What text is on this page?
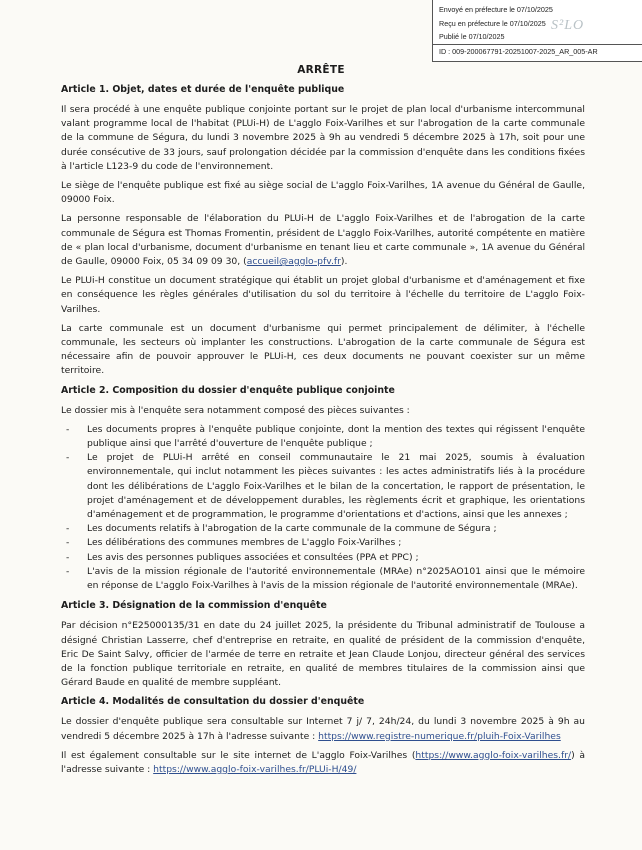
Envoyé en préfecture le 07/10/2025
Reçu en préfecture le 07/10/2025
Publié le 07/10/2025
ID : 009-200067791-20251007-2025_AR_005-AR
S²LO
ARRÊTE
Article 1. Objet, dates et durée de l'enquête publique

Il sera procédé à une enquête publique conjointe portant sur le projet de plan local d'urbanisme intercommunal valant programme local de l'habitat (PLUi-H) de L'agglo Foix-Varilhes et sur l'abrogation de la carte communale de la commune de Ségura, du lundi 3 novembre 2025 à 9h au vendredi 5 décembre 2025 à 17h, soit pour une durée consécutive de 33 jours, sauf prolongation décidée par la commission d'enquête dans les conditions fixées à l'article L123-9 du code de l'environnement.

Le siège de l'enquête publique est fixé au siège social de L'agglo Foix-Varilhes, 1A avenue du Général de Gaulle, 09000 Foix.

La personne responsable de l'élaboration du PLUi-H de L'agglo Foix-Varilhes et de l'abrogation de la carte communale de Ségura est Thomas Fromentin, président de L'agglo Foix-Varilhes, autorité compétente en matière de « plan local d'urbanisme, document d'urbanisme en tenant lieu et carte communale », 1A avenue du Général de Gaulle, 09000 Foix, 05 34 09 09 30, (accueil@agglo-pfv.fr).

Le PLUi-H constitue un document stratégique qui établit un projet global d'urbanisme et d'aménagement et fixe en conséquence les règles générales d'utilisation du sol du territoire à l'échelle du territoire de L'agglo Foix-Varilhes.

La carte communale est un document d'urbanisme qui permet principalement de délimiter, à l'échelle communale, les secteurs où implanter les constructions. L'abrogation de la carte communale de Ségura est nécessaire afin de pouvoir approuver le PLUi-H, ces deux documents ne pouvant coexister sur un même territoire.

Article 2. Composition du dossier d'enquête publique conjointe

Le dossier mis à l'enquête sera notamment composé des pièces suivantes :

- Les documents propres à l'enquête publique conjointe, dont la mention des textes qui régissent l'enquête publique ainsi que l'arrêté d'ouverture de l'enquête publique ;
- Le projet de PLUi-H arrêté en conseil communautaire le 21 mai 2025, soumis à évaluation environnementale, qui inclut notamment les pièces suivantes : les actes administratifs liés à la procédure dont les délibérations de L'agglo Foix-Varilhes et le bilan de la concertation, le rapport de présentation, le projet d'aménagement et de développement durables, les règlements écrit et graphique, les orientations d'aménagement et de programmation, le programme d'orientations et d'actions, ainsi que les annexes ;
- Les documents relatifs à l'abrogation de la carte communale de la commune de Ségura ;
- Les délibérations des communes membres de L'agglo Foix-Varilhes ;
- Les avis des personnes publiques associées et consultées (PPA et PPC) ;
- L'avis de la mission régionale de l'autorité environnementale (MRAe) n°2025AO101 ainsi que le mémoire en réponse de L'agglo Foix-Varilhes à l'avis de la mission régionale de l'autorité environnementale (MRAe).
Article 3. Désignation de la commission d'enquête

Par décision n°E25000135/31 en date du 24 juillet 2025, la présidente du Tribunal administratif de Toulouse a désigné Christian Lasserre, chef d'entreprise en retraite, en qualité de président de la commission d'enquête, Eric De Saint Salvy, officier de l'armée de terre en retraite et Jean Claude Lonjou, directeur général des services de la fonction publique territoriale en retraite, en qualité de membres titulaires de la commission ainsi que Gérard Baude en qualité de membre suppléant.

Article 4. Modalités de consultation du dossier d'enquête

Le dossier d'enquête publique sera consultable sur Internet 7 j/ 7, 24h/24, du lundi 3 novembre 2025 à 9h au vendredi 5 décembre 2025 à 17h à l'adresse suivante : https://www.registre-numerique.fr/pluih-Foix-Varilhes

Il est également consultable sur le site internet de L'agglo Foix-Varilhes (https://www.agglo-foix-varilhes.fr/) à l'adresse suivante : https://www.agglo-foix-varilhes.fr/PLUi-H/49/
